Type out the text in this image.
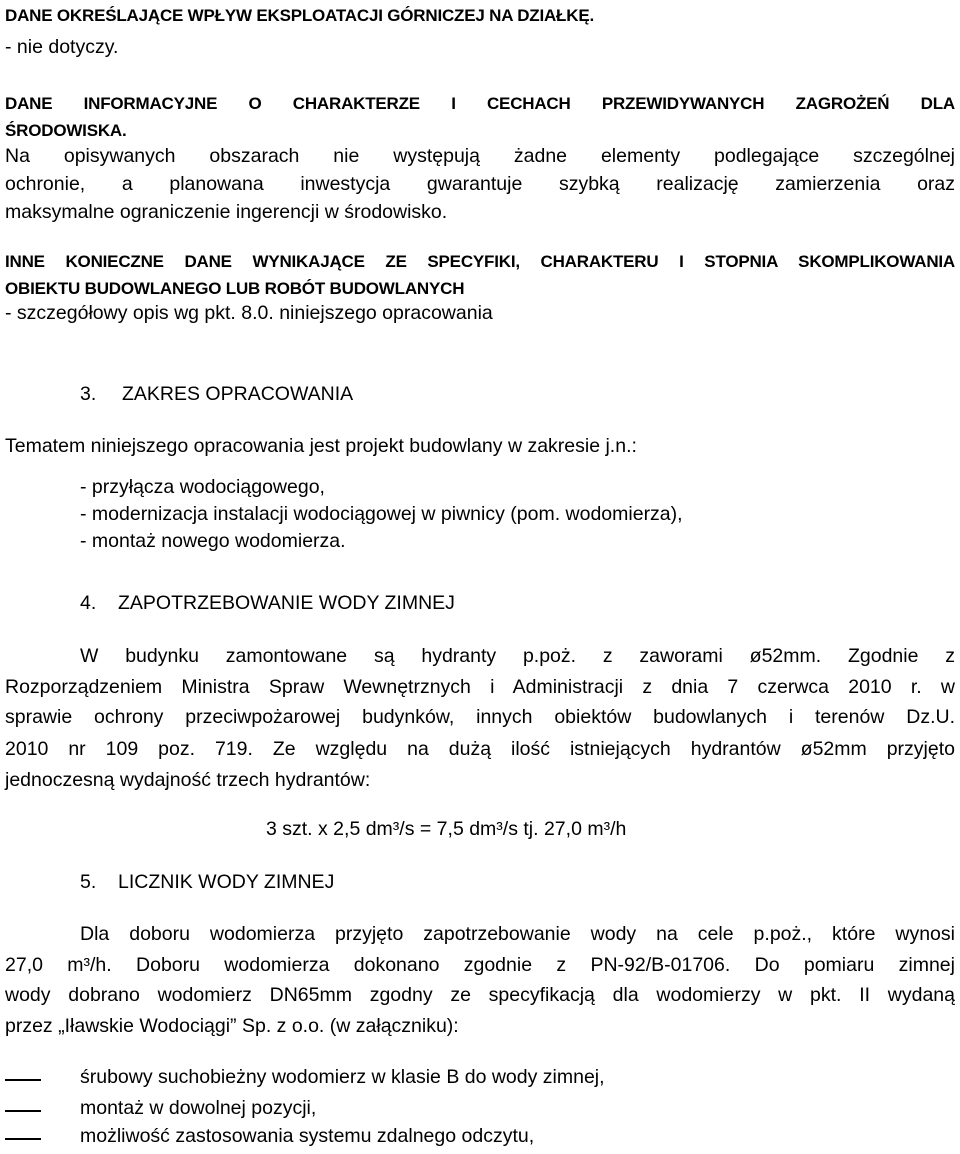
DANE OKREŚLAJĄCE WPŁYW EKSPLOATACJI GÓRNICZEJ NA DZIAŁKĘ.
- nie dotyczy.
DANE INFORMACYJNE O CHARAKTERZE I CECHACH PRZEWIDYWANYCH ZAGROŻEŃ DLA
ŚRODOWISKA.
Na opisywanych obszarach nie występują żadne elementy podlegające szczególnej
ochronie, a planowana inwestycja gwarantuje szybką realizację zamierzenia oraz
maksymalne ograniczenie ingerencji w środowisko.
INNE KONIECZNE DANE WYNIKAJĄCE ZE SPECYFIKI, CHARAKTERU I STOPNIA SKOMPLIKOWANIA
OBIEKTU BUDOWLANEGO LUB ROBÓT BUDOWLANYCH
- szczegółowy opis wg pkt. 8.0. niniejszego opracowania
3. ZAKRES OPRACOWANIA
Tematem niniejszego opracowania jest projekt budowlany w zakresie j.n.:
- przyłącza wodociągowego,
- modernizacja instalacji wodociągowej w piwnicy (pom. wodomierza),
- montaż nowego wodomierza.
4. ZAPOTRZEBOWANIE WODY ZIMNEJ
W budynku zamontowane są hydranty p.poż. z zaworami ø52mm. Zgodnie z
Rozporządzeniem Ministra Spraw Wewnętrznych i Administracji z dnia 7 czerwca 2010 r. w
sprawie ochrony przeciwpożarowej budynków, innych obiektów budowlanych i terenów Dz.U.
2010 nr 109 poz. 719. Ze względu na dużą ilość istniejących hydrantów ø52mm przyjęto
jednoczesną wydajność trzech hydrantów:
3 szt. x 2,5 dm³/s = 7,5 dm³/s tj. 27,0 m³/h
5. LICZNIK WODY ZIMNEJ
Dla doboru wodomierza przyjęto zapotrzebowanie wody na cele p.poż., które wynosi
27,0 m³/h. Doboru wodomierza dokonano zgodnie z PN-92/B-01706. Do pomiaru zimnej
wody dobrano wodomierz DN65mm zgodny ze specyfikacją dla wodomierzy w pkt. II wydaną
przez „Iławskie Wodociągi” Sp. z o.o. (w załączniku):
śrubowy suchobieżny wodomierz w klasie B do wody zimnej,
montaż w dowolnej pozycji,
możliwość zastosowania systemu zdalnego odczytu,
